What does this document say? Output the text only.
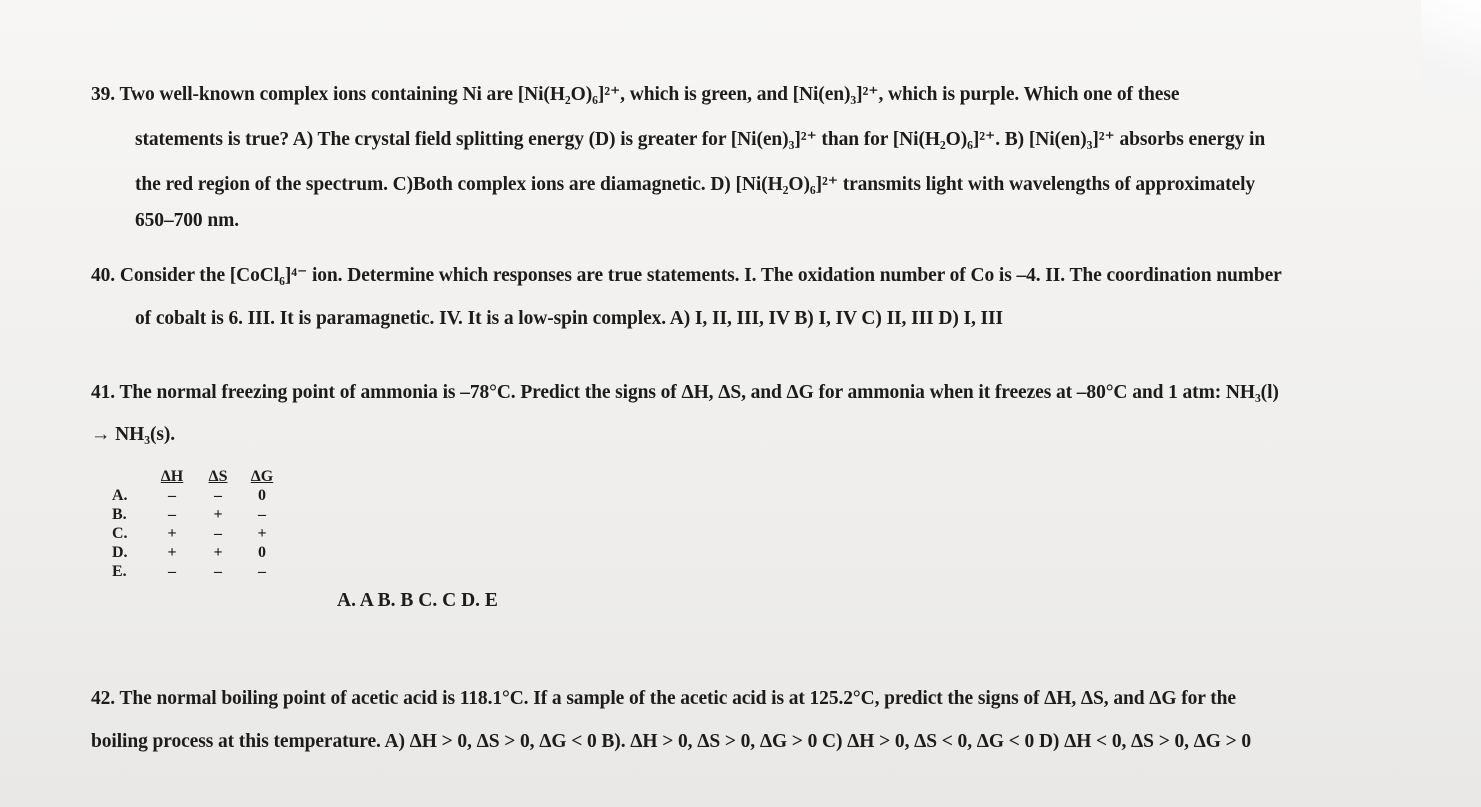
39. Two well-known complex ions containing Ni are [Ni(H₂O)₆]²⁺, which is green, and [Ni(en)₃]²⁺, which is purple. Which one of these
statements is true? A) The crystal field splitting energy (D) is greater for [Ni(en)₃]²⁺ than for [Ni(H₂O)₆]²⁺. B) [Ni(en)₃]²⁺ absorbs energy in
the red region of the spectrum. C)Both complex ions are diamagnetic. D) [Ni(H₂O)₆]²⁺ transmits light with wavelengths of approximately
650–700 nm.
40. Consider the [CoCl₆]⁴⁻ ion. Determine which responses are true statements. I. The oxidation number of Co is –4. II. The coordination number
of cobalt is 6. III. It is paramagnetic. IV. It is a low-spin complex. A) I, II, III, IV B) I, IV C) II, III D) I, III
41. The normal freezing point of ammonia is –78°C. Predict the signs of ΔH, ΔS, and ΔG for ammonia when it freezes at –80°C and 1 atm: NH₃(l)
→ NH₃(s).
ΔH ΔS ΔG
A.	–	–	0
B.	–	+	–
C.	+	–	+
D.	+	+	0
E.	–	–	–
A. A B. B C. C D. E
42. The normal boiling point of acetic acid is 118.1°C. If a sample of the acetic acid is at 125.2°C, predict the signs of ΔH, ΔS, and ΔG for the
boiling process at this temperature. A) ΔH > 0, ΔS > 0, ΔG < 0 B). ΔH > 0, ΔS > 0, ΔG > 0 C) ΔH > 0, ΔS < 0, ΔG < 0 D) ΔH < 0, ΔS > 0, ΔG > 0
